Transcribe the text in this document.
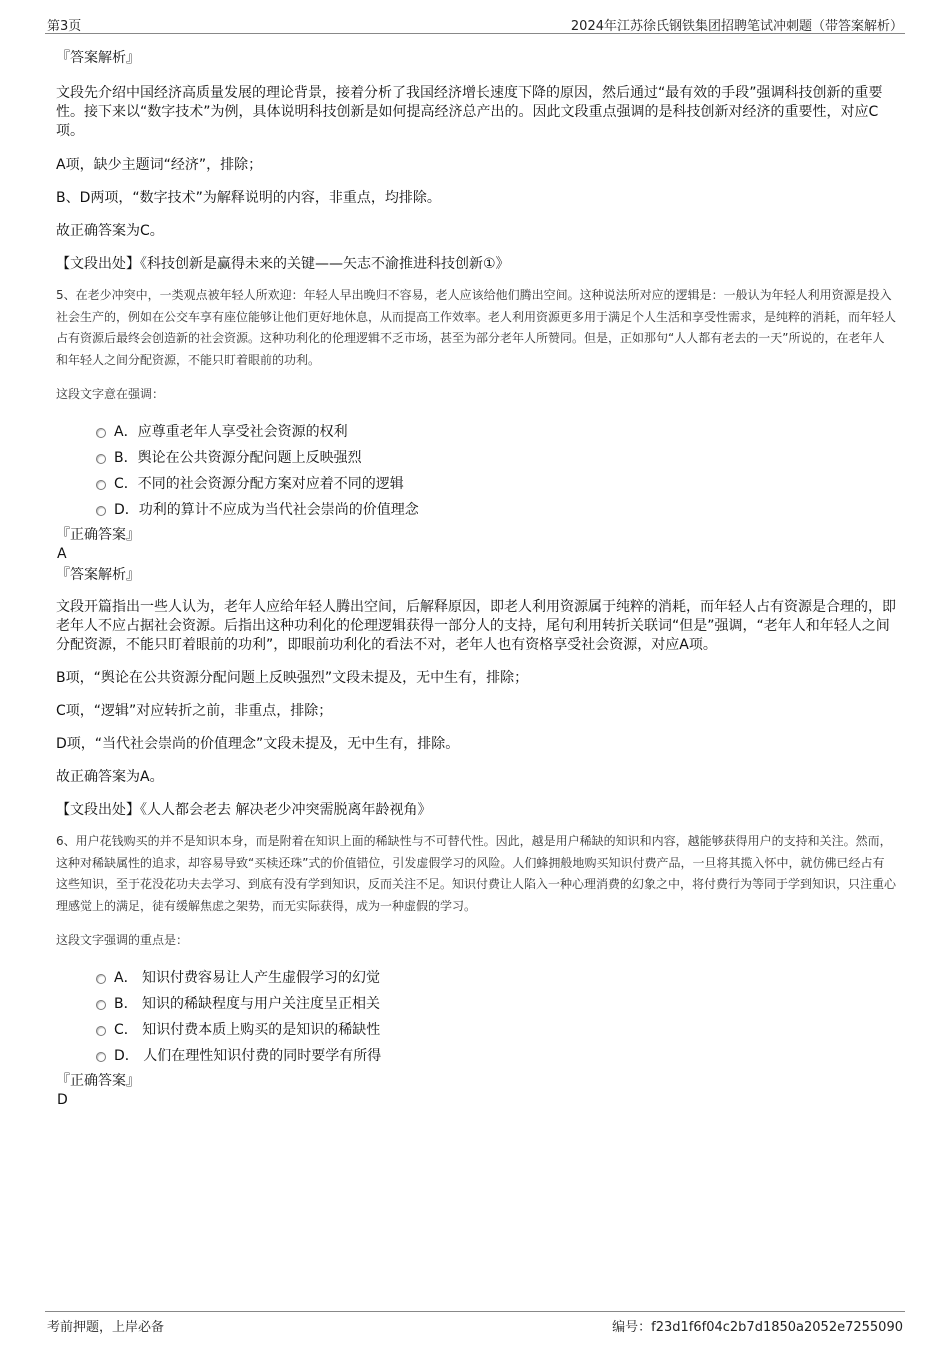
第3页	2024年江苏徐氏钢铁集团招聘笔试冲刺题（带答案解析）

『答案解析』

文段先介绍中国经济高质量发展的理论背景，接着分析了我国经济增长速度下降的原因，然后通过“最有效的手段”强调科技创新的重要性。接下来以“数字技术”为例，具体说明科技创新是如何提高经济总产出的。因此文段重点强调的是科技创新对经济的重要性，对应C项。

A项，缺少主题词“经济”，排除；

B、D两项，“数字技术”为解释说明的内容，非重点，均排除。

故正确答案为C。

【文段出处】《科技创新是赢得未来的关键——矢志不渝推进科技创新①》

5、在老少冲突中，一类观点被年轻人所欢迎：年轻人早出晚归不容易，老人应该给他们腾出空间。这种说法所对应的逻辑是：一般认为年轻人利用资源是投入社会生产的，例如在公交车享有座位能够让他们更好地休息，从而提高工作效率。老人利用资源更多用于满足个人生活和享受性需求，是纯粹的消耗，而年轻人占有资源后最终会创造新的社会资源。这种功利化的伦理逻辑不乏市场，甚至为部分老年人所赞同。但是，正如那句“人人都有老去的一天”所说的，在老年人和年轻人之间分配资源，不能只盯着眼前的功利。

这段文字意在强调：

A．应尊重老年人享受社会资源的权利
B．舆论在公共资源分配问题上反映强烈
C．不同的社会资源分配方案对应着不同的逻辑
D．功利的算计不应成为当代社会崇尚的价值理念

『正确答案』

A

『答案解析』

文段开篇指出一些人认为，老年人应给年轻人腾出空间，后解释原因，即老人利用资源属于纯粹的消耗，而年轻人占有资源是合理的，即老年人不应占据社会资源。后指出这种功利化的伦理逻辑获得一部分人的支持，尾句利用转折关联词“但是”强调，“老年人和年轻人之间分配资源，不能只盯着眼前的功利”，即眼前功利化的看法不对，老年人也有资格享受社会资源，对应A项。

B项，“舆论在公共资源分配问题上反映强烈”文段未提及，无中生有，排除；

C项，“逻辑”对应转折之前，非重点，排除；

D项，“当代社会崇尚的价值理念”文段未提及，无中生有，排除。

故正确答案为A。

【文段出处】《人人都会老去 解决老少冲突需脱离年龄视角》

6、用户花钱购买的并不是知识本身，而是附着在知识上面的稀缺性与不可替代性。因此，越是用户稀缺的知识和内容，越能够获得用户的支持和关注。然而，这种对稀缺属性的追求，却容易导致“买椟还珠”式的价值错位，引发虚假学习的风险。人们蜂拥般地购买知识付费产品，一旦将其揽入怀中，就仿佛已经占有这些知识，至于花没花功夫去学习、到底有没有学到知识，反而关注不足。知识付费让人陷入一种心理消费的幻象之中，将付费行为等同于学到知识，只注重心理感觉上的满足，徒有缓解焦虑之架势，而无实际获得，成为一种虚假的学习。

这段文字强调的重点是：

A． 知识付费容易让人产生虚假学习的幻觉
B． 知识的稀缺程度与用户关注度呈正相关
C． 知识付费本质上购买的是知识的稀缺性
D． 人们在理性知识付费的同时要学有所得

『正确答案』

D

考前押题，上岸必备	编号：f23d1f6f04c2b7d1850a2052e7255090
